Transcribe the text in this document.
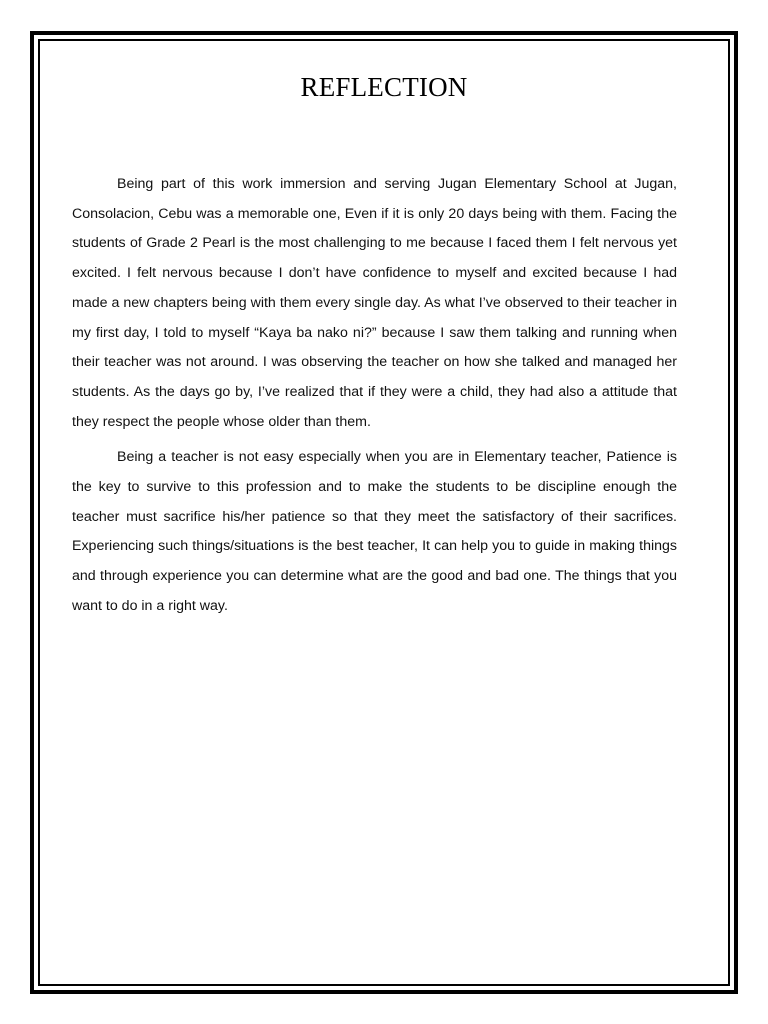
REFLECTION

Being part of this work immersion and serving Jugan Elementary School at Jugan, Consolacion, Cebu was a memorable one, Even if it is only 20 days being with them. Facing the students of Grade 2 Pearl is the most challenging to me because I faced them I felt nervous yet excited. I felt nervous because I don’t have confidence to myself and excited because I had made a new chapters being with them every single day. As what I’ve observed to their teacher in my first day, I told to myself “Kaya ba nako ni?” because I saw them talking and running when their teacher was not around. I was observing the teacher on how she talked and managed her students. As the days go by, I’ve realized that if they were a child, they had also a attitude that they respect the people whose older than them.

Being a teacher is not easy especially when you are in Elementary teacher, Patience is the key to survive to this profession and to make the students to be discipline enough the teacher must sacrifice his/her patience so that they meet the satisfactory of their sacrifices. Experiencing such things/situations is the best teacher, It can help you to guide in making things and through experience you can determine what are the good and bad one. The things that you want to do in a right way.
